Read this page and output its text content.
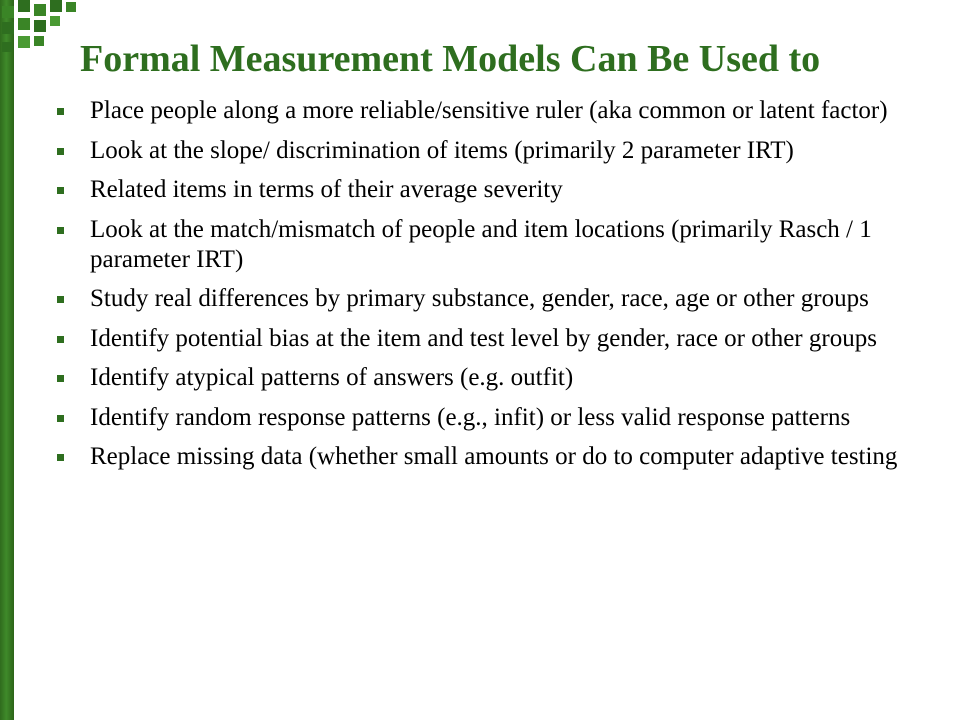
Formal Measurement Models Can Be Used to
Place people along a more reliable/sensitive ruler (aka common or latent factor)
Look at the slope/ discrimination of items (primarily 2 parameter IRT)
Related items in terms of their average severity
Look at the match/mismatch of people and item locations (primarily Rasch / 1 parameter IRT)
Study real differences by primary substance, gender, race, age or other groups
Identify potential bias at the item and test level by gender, race or other groups
Identify atypical patterns of answers (e.g. outfit)
Identify random response patterns (e.g., infit) or less valid response patterns
Replace missing data (whether small amounts or do to computer adaptive testing
